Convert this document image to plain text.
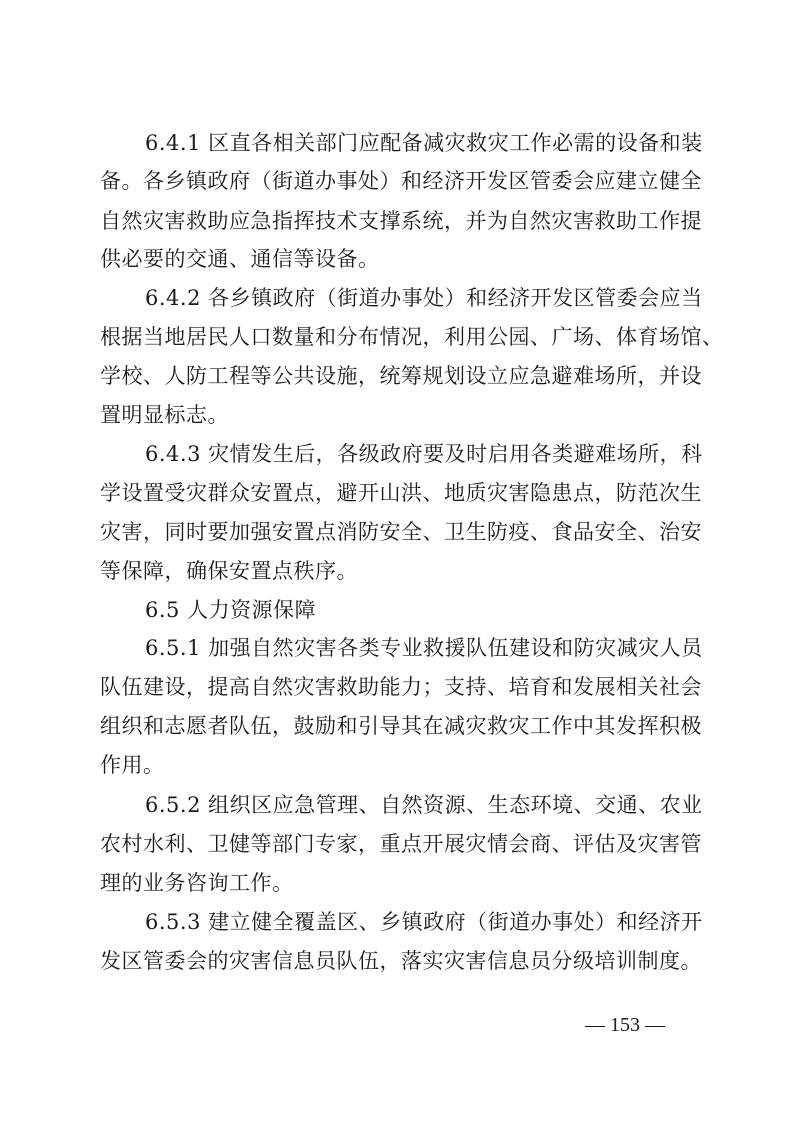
6.4.1 区直各相关部门应配备减灾救灾工作必需的设备和装
备。各乡镇政府（街道办事处）和经济开发区管委会应建立健全
自然灾害救助应急指挥技术支撑系统，并为自然灾害救助工作提
供必要的交通、通信等设备。
6.4.2 各乡镇政府（街道办事处）和经济开发区管委会应当
根据当地居民人口数量和分布情况，利用公园、广场、体育场馆、
学校、人防工程等公共设施，统筹规划设立应急避难场所，并设
置明显标志。
6.4.3 灾情发生后，各级政府要及时启用各类避难场所，科
学设置受灾群众安置点，避开山洪、地质灾害隐患点，防范次生
灾害，同时要加强安置点消防安全、卫生防疫、食品安全、治安
等保障，确保安置点秩序。
6.5 人力资源保障
6.5.1 加强自然灾害各类专业救援队伍建设和防灾减灾人员
队伍建设，提高自然灾害救助能力；支持、培育和发展相关社会
组织和志愿者队伍，鼓励和引导其在减灾救灾工作中其发挥积极
作用。
6.5.2 组织区应急管理、自然资源、生态环境、交通、农业
农村水利、卫健等部门专家，重点开展灾情会商、评估及灾害管
理的业务咨询工作。
6.5.3 建立健全覆盖区、乡镇政府（街道办事处）和经济开
发区管委会的灾害信息员队伍，落实灾害信息员分级培训制度。
— 153 —
